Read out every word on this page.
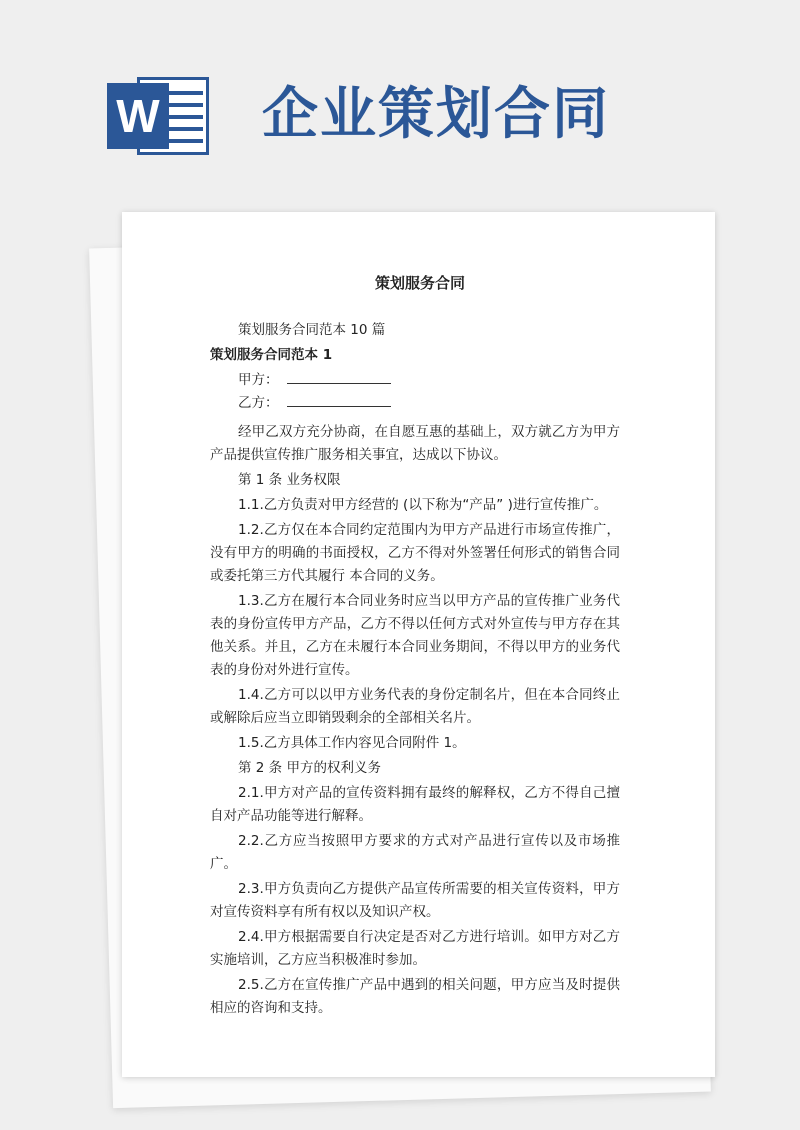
W 企业策划合同
策划服务合同

策划服务合同范本 10 篇

策划服务合同范本 1

甲方：

乙方：

经甲乙双方充分协商，在自愿互惠的基础上，双方就乙方为甲方产品提供宣传推广服务相关事宜，达成以下协议。

第 1 条 业务权限

1.1.乙方负责对甲方经营的 (以下称为“产品” )进行宣传推广。

1.2.乙方仅在本合同约定范围内为甲方产品进行市场宣传推广，没有甲方的明确的书面授权，乙方不得对外签署任何形式的销售合同或委托第三方代其履行 本合同的义务。

1.3.乙方在履行本合同业务时应当以甲方产品的宣传推广业务代表的身份宣传甲方产品，乙方不得以任何方式对外宣传与甲方存在其他关系。并且，乙方在未履行本合同业务期间，不得以甲方的业务代表的身份对外进行宣传。

1.4.乙方可以以甲方业务代表的身份定制名片，但在本合同终止或解除后应当立即销毁剩余的全部相关名片。

1.5.乙方具体工作内容见合同附件 1。

第 2 条 甲方的权利义务

2.1.甲方对产品的宣传资料拥有最终的解释权，乙方不得自己擅自对产品功能等进行解释。

2.2.乙方应当按照甲方要求的方式对产品进行宣传以及市场推广。

2.3.甲方负责向乙方提供产品宣传所需要的相关宣传资料，甲方对宣传资料享有所有权以及知识产权。

2.4.甲方根据需要自行决定是否对乙方进行培训。如甲方对乙方实施培训，乙方应当积极准时参加。

2.5.乙方在宣传推广产品中遇到的相关问题，甲方应当及时提供相应的咨询和支持。
